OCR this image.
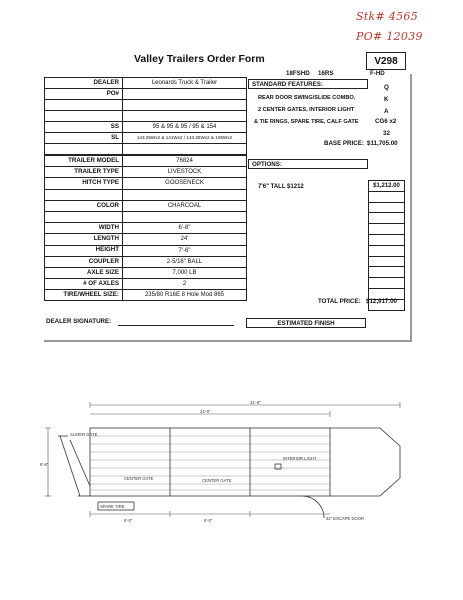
Stk# 4565
PO# 12039
Valley Trailers Order Form	V298
DEALER	Leonards Truck & Trailer
PO#	

SS	95 & 95 & 95 / 95 & 154
SL	143.25Wx2 & 141Wx2 / 143.25Wx2 & 106Wx2

TRAILER MODEL	76824
TRAILER TYPE	LIVESTOCK
HITCH TYPE	GOOSENECK

COLOR	CHARCOAL

WIDTH	6'-8"
LENGTH	24'
HEIGHT	7'-6"
COUPLER	2-5/16" BALL
AXLE SIZE	7,000 LB
# OF AXLES	2
TIRE/WHEEL SIZE:	235/80 R16E 8 Hole Mod 865
18FSHD 16RS	F-HD
STANDARD FEATURES:
REAR DOOR SWING/SLIDE COMBO,
Q
2 CENTER GATES, INTERIOR LIGHT
K
& TIE RINGS, SPARE TIRE, CALF GATE
A
CG6 x2
32
BASE PRICE: $11,705.00
OPTIONS:
7'6" TALL $1212	$1,212.00

TOTAL PRICE: $12,917.00
DEALER SIGNATURE:	ESTIMATED FINISH
31'-6"
24'-0"
6'-8"
8'-0"	8'-0"
SLIDER GATE
CENTER GATE	CENTER GATE
INTERIOR LIGHT
SPARE TIRE
32" ESCAPE DOOR
